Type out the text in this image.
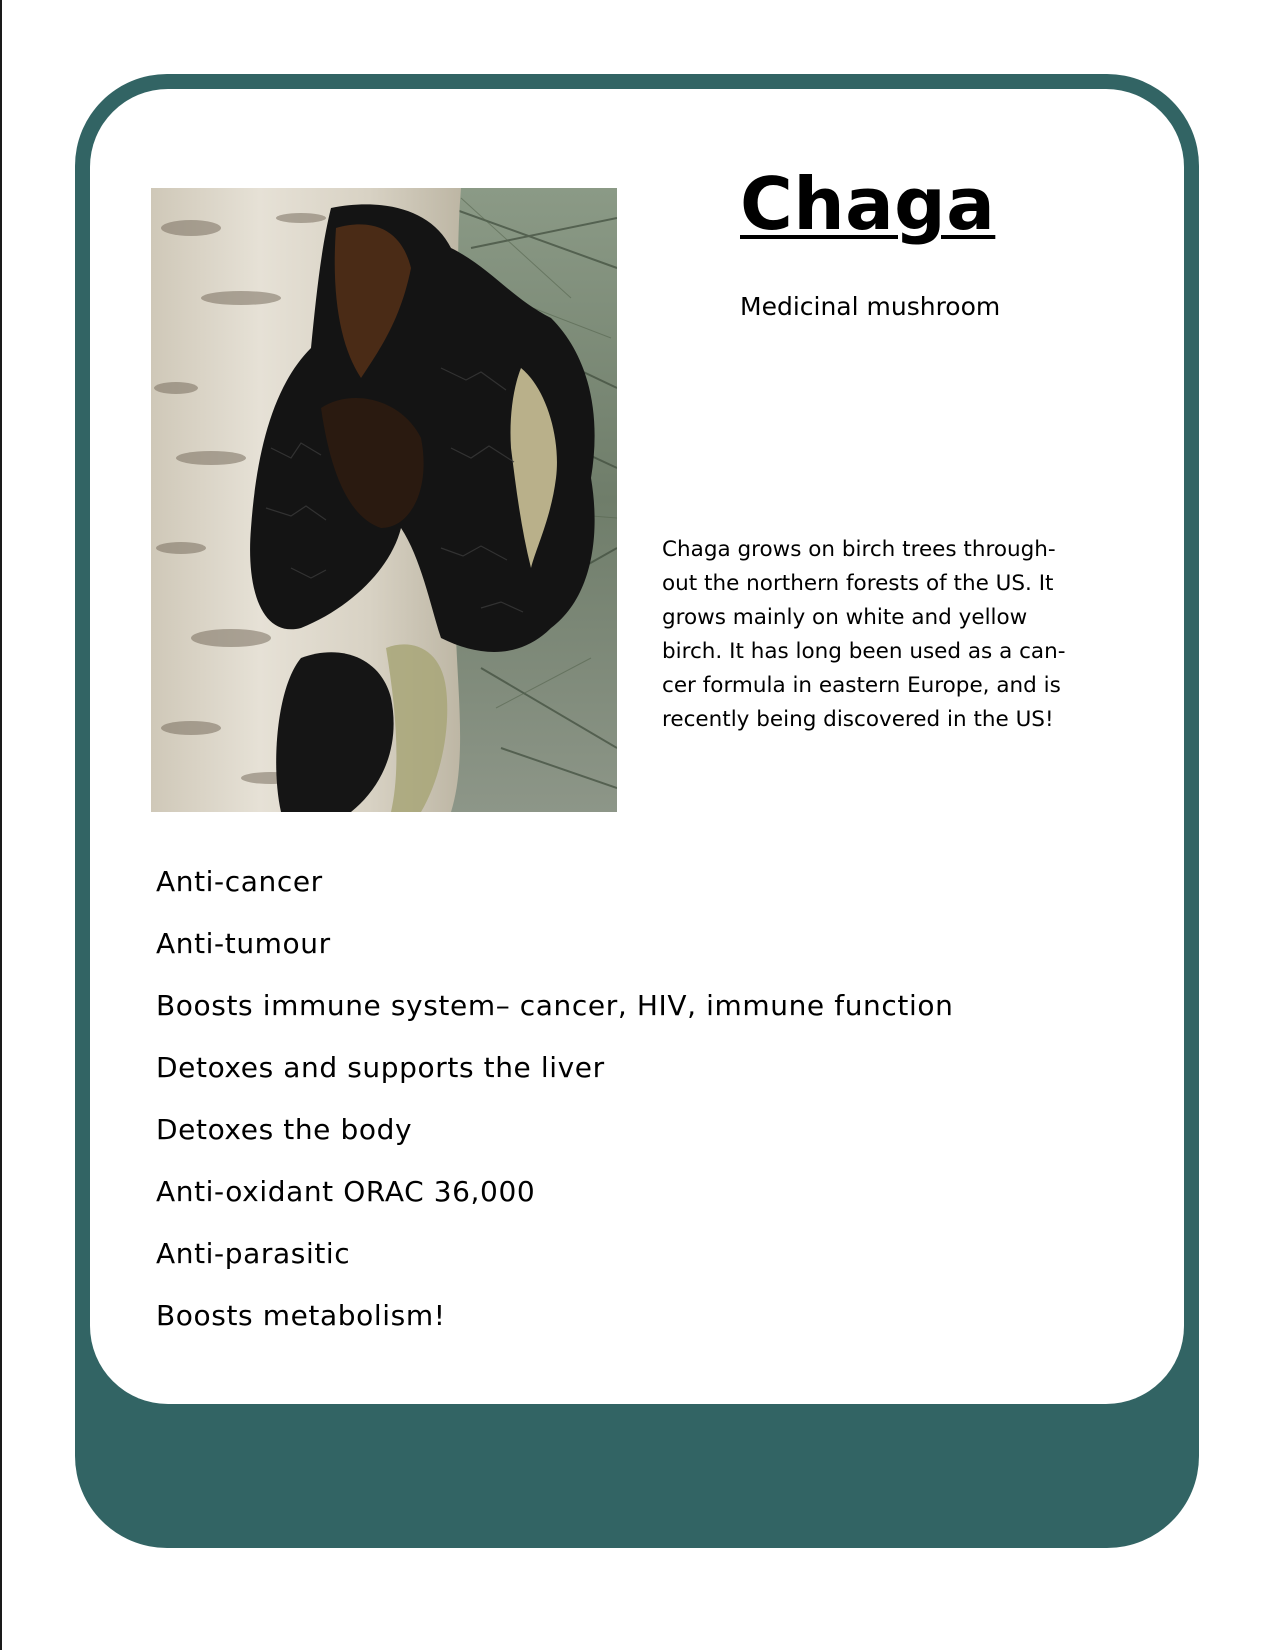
Chaga
Medicinal mushroom
Chaga grows on birch trees through-
out the northern forests of the US. It
grows mainly on white and yellow
birch. It has long been used as a can-
cer formula in eastern Europe, and is
recently being discovered in the US!
Anti-cancer
Anti-tumour
Boosts immune system– cancer, HIV, immune function
Detoxes and supports the liver
Detoxes the body
Anti-oxidant ORAC 36,000
Anti-parasitic
Boosts metabolism!
